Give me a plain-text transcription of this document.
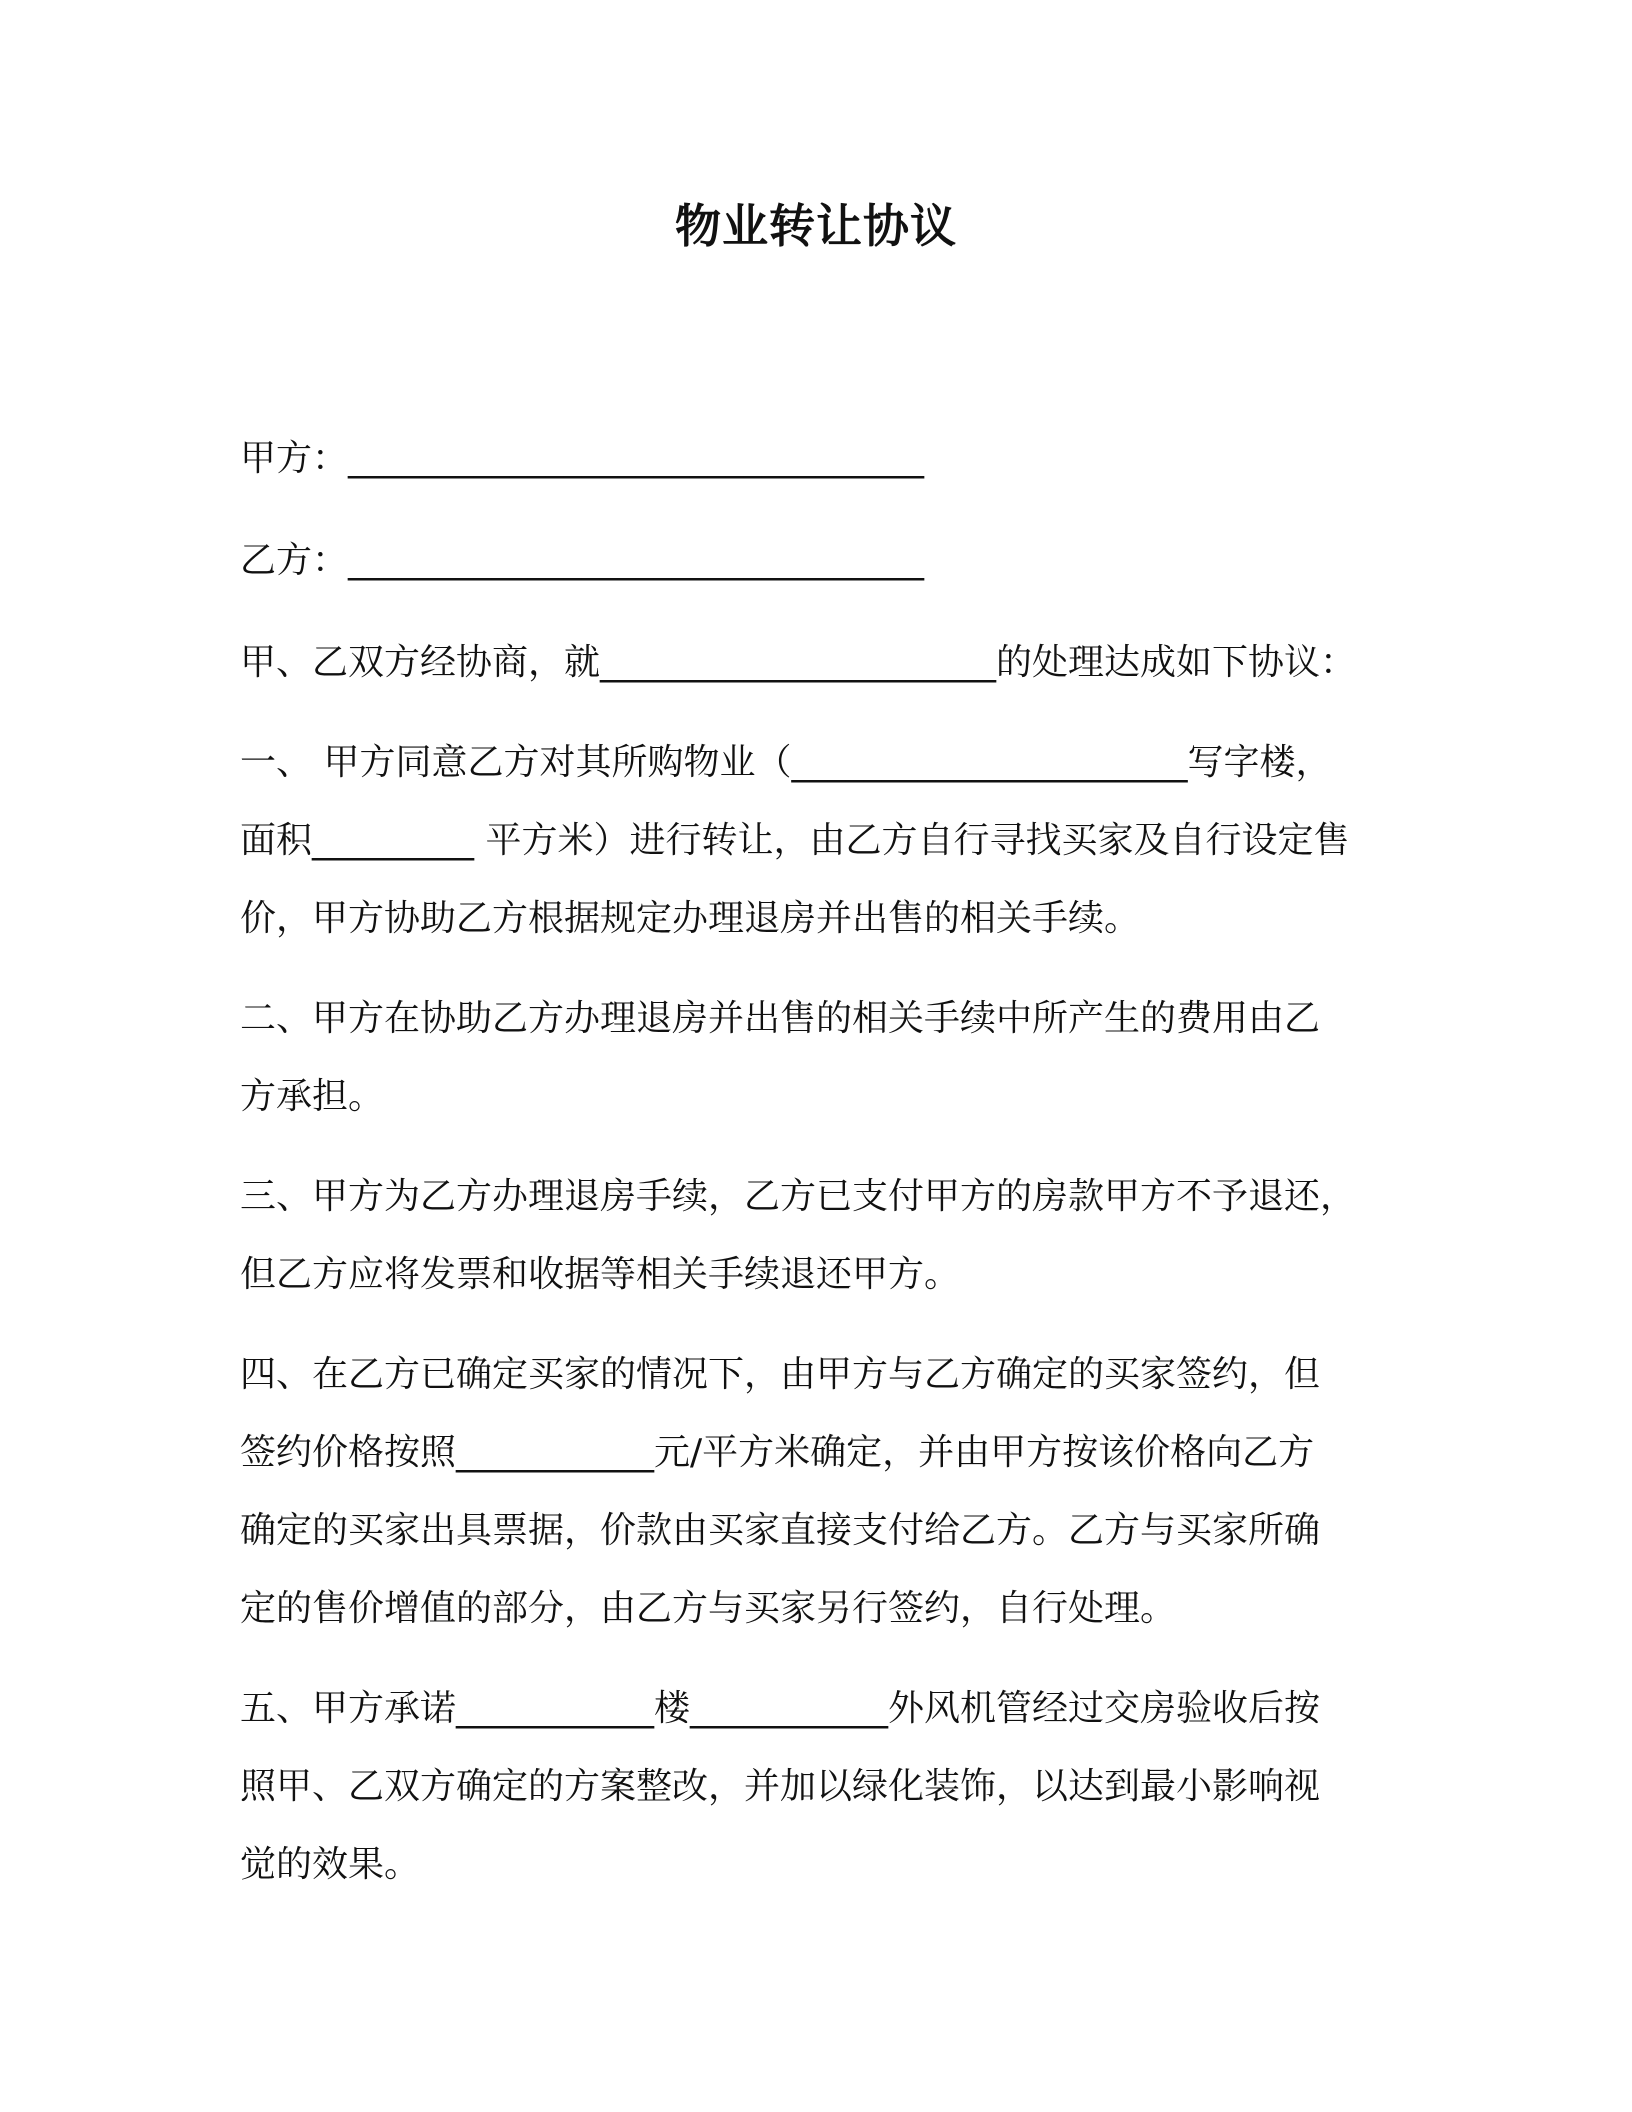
物业转让协议
甲方：________________________________
乙方：________________________________
甲、乙双方经协商，就______________________的处理达成如下协议：
一、 甲方同意乙方对其所购物业（______________________写字楼，
面积_________ 平方米）进行转让，由乙方自行寻找买家及自行设定售
价，甲方协助乙方根据规定办理退房并出售的相关手续。
二、甲方在协助乙方办理退房并出售的相关手续中所产生的费用由乙
方承担。
三、甲方为乙方办理退房手续，乙方已支付甲方的房款甲方不予退还，
但乙方应将发票和收据等相关手续退还甲方。
四、在乙方已确定买家的情况下，由甲方与乙方确定的买家签约，但
签约价格按照___________元/平方米确定，并由甲方按该价格向乙方
确定的买家出具票据，价款由买家直接支付给乙方。乙方与买家所确
定的售价增值的部分，由乙方与买家另行签约，自行处理。
五、甲方承诺___________楼___________外风机管经过交房验收后按
照甲、乙双方确定的方案整改，并加以绿化装饰，以达到最小影响视
觉的效果。
